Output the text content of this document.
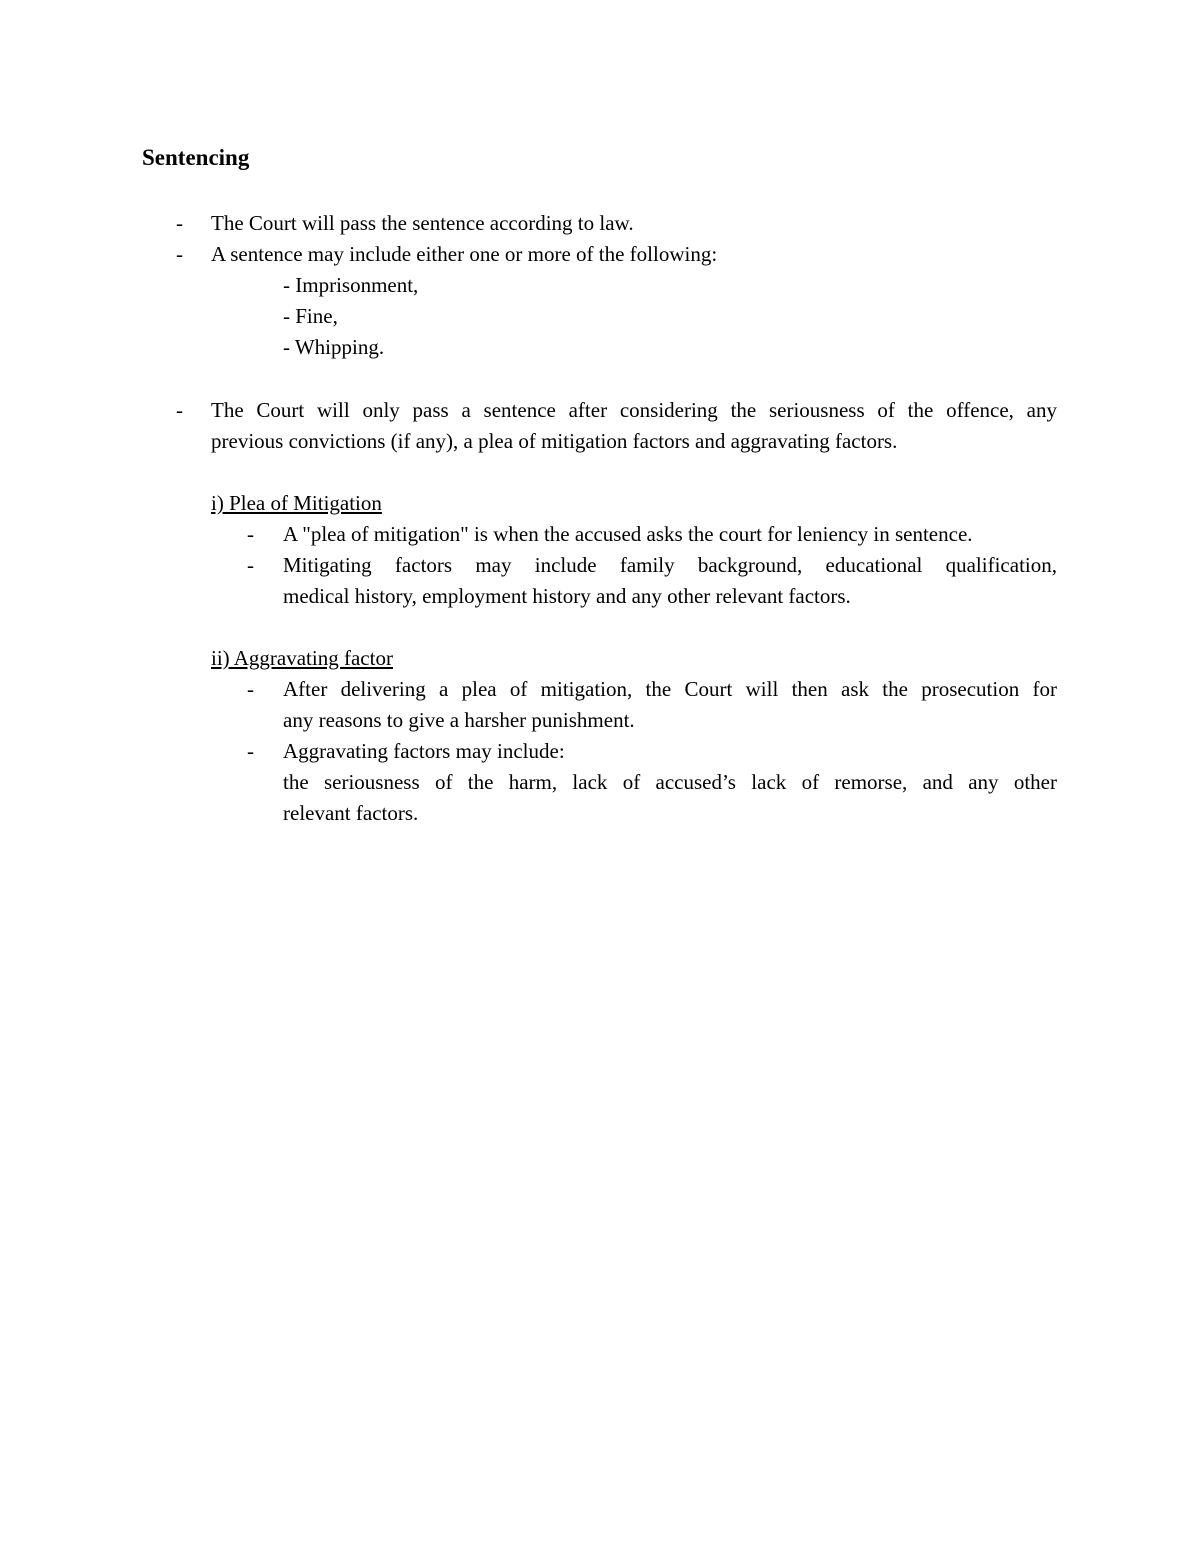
Sentencing
- The Court will pass the sentence according to law.
- A sentence may include either one or more of the following:
- Imprisonment,
- Fine,
- Whipping.
- The Court will only pass a sentence after considering the seriousness of the offence, any
previous convictions (if any), a plea of mitigation factors and aggravating factors.
i) Plea of Mitigation
- A "plea of mitigation" is when the accused asks the court for leniency in sentence.
- Mitigating factors may include family background, educational qualification,
medical history, employment history and any other relevant factors.
ii) Aggravating factor
- After delivering a plea of mitigation, the Court will then ask the prosecution for
any reasons to give a harsher punishment.
- Aggravating factors may include:
the seriousness of the harm, lack of accused’s lack of remorse, and any other
relevant factors.
